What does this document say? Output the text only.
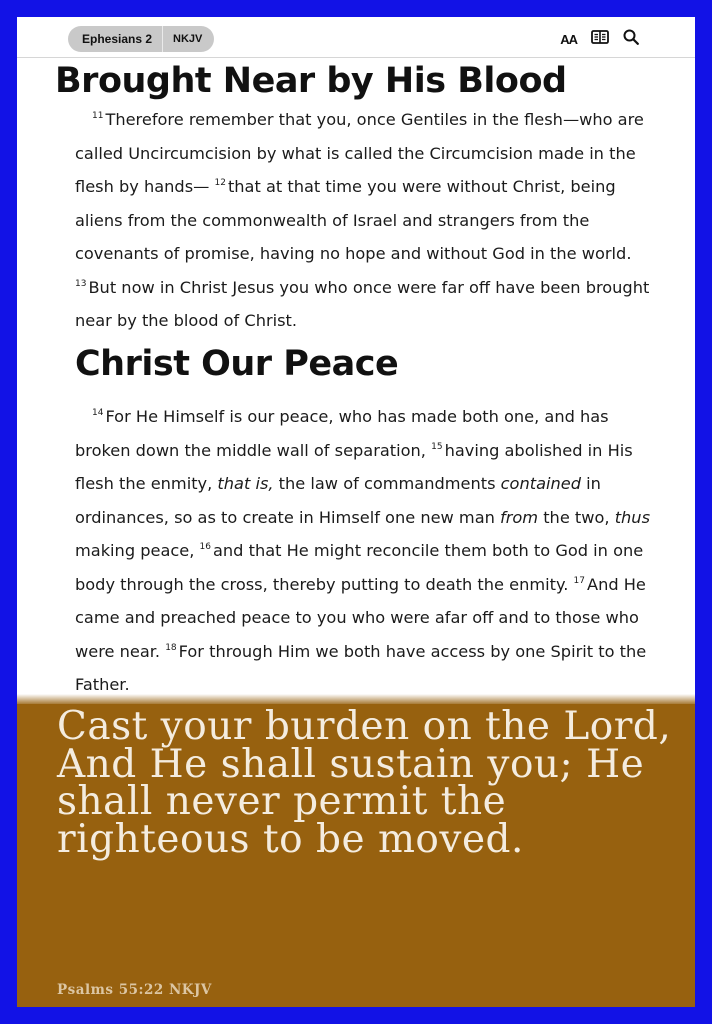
Ephesians 2	NKJV	AA
Brought Near by His Blood

$^{11}$ Therefore remember that you, once Gentiles in the flesh—who are called Uncircumcision by what is called the Circumcision made in the flesh by hands— $^{12}$ that at that time you were without Christ, being aliens from the commonwealth of Israel and strangers from the covenants of promise, having no hope and without God in the world. $^{13}$ But now in Christ Jesus you who once were far off have been brought near by the blood of Christ.

Christ Our Peace

$^{14}$ For He Himself is our peace, who has made both one, and has broken down the middle wall of separation, $^{15}$ having abolished in His flesh the enmity, that is, the law of commandments contained in ordinances, so as to create in Himself one new man from the two, thus making peace, $^{16}$ and that He might reconcile them both to God in one body through the cross, thereby putting to death the enmity. $^{17}$ And He came and preached peace to you who were afar off and to those who were near. $^{18}$ For through Him we both have access by one Spirit to the Father.

Cast your burden on the Lord, And He shall sustain you; He shall never permit the righteous to be moved.

Psalms 55:22 NKJV
